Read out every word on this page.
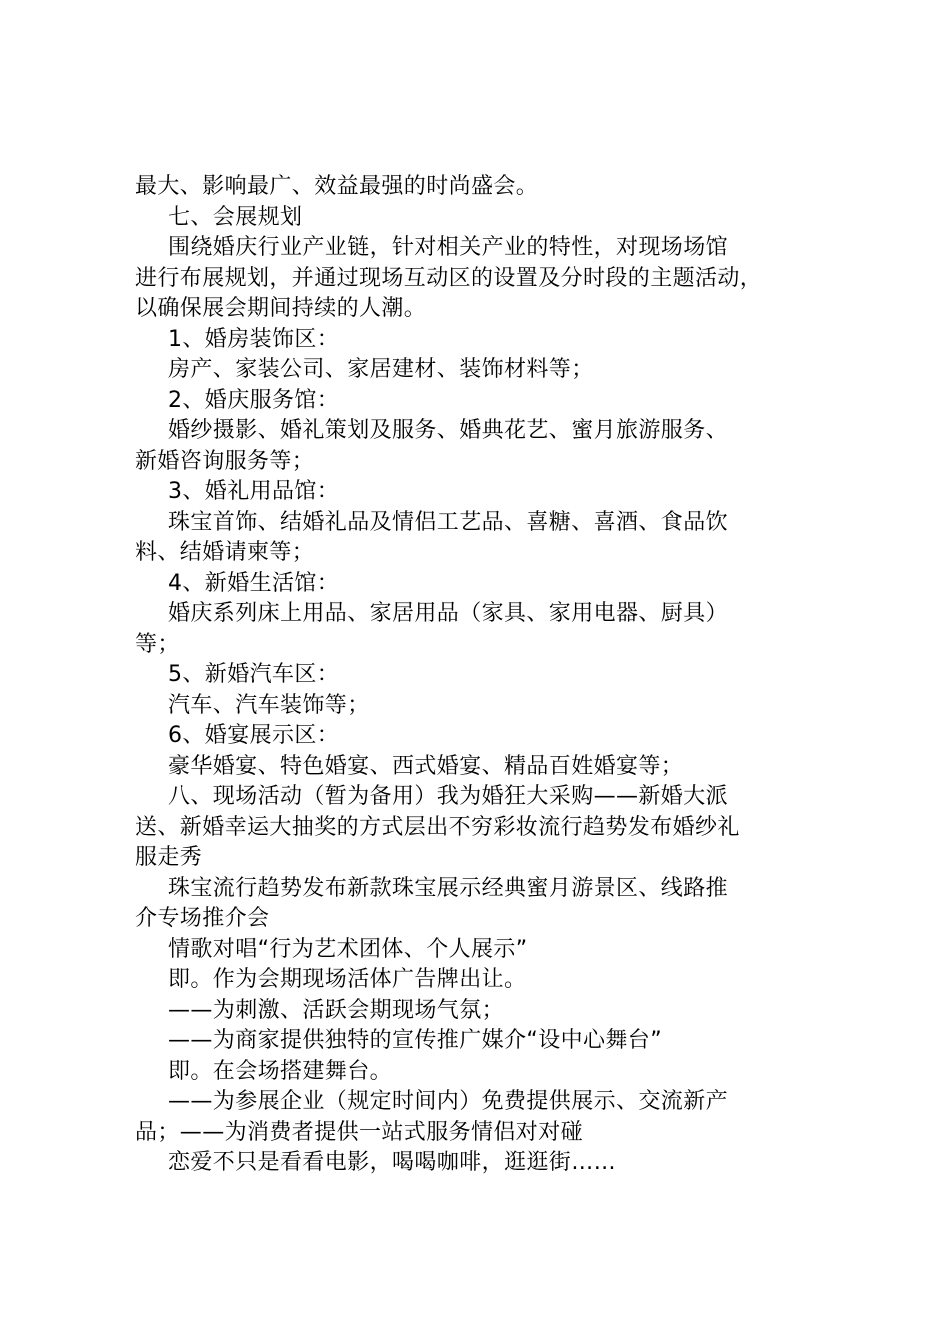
最大、影响最广、效益最强的时尚盛会。
七、会展规划
围绕婚庆行业产业链，针对相关产业的特性，对现场场馆
进行布展规划，并通过现场互动区的设置及分时段的主题活动，
以确保展会期间持续的人潮。
1、婚房装饰区：
房产、家装公司、家居建材、装饰材料等；
2、婚庆服务馆：
婚纱摄影、婚礼策划及服务、婚典花艺、蜜月旅游服务、
新婚咨询服务等；
3、婚礼用品馆：
珠宝首饰、结婚礼品及情侣工艺品、喜糖、喜酒、食品饮
料、结婚请柬等；
4、新婚生活馆：
婚庆系列床上用品、家居用品（家具、家用电器、厨具）
等；
5、新婚汽车区：
汽车、汽车装饰等；
6、婚宴展示区：
豪华婚宴、特色婚宴、西式婚宴、精品百姓婚宴等；
八、现场活动（暂为备用）我为婚狂大采购——新婚大派
送、新婚幸运大抽奖的方式层出不穷彩妆流行趋势发布婚纱礼
服走秀
珠宝流行趋势发布新款珠宝展示经典蜜月游景区、线路推
介专场推介会
情歌对唱“行为艺术团体、个人展示”
即。作为会期现场活体广告牌出让。
——为刺激、活跃会期现场气氛；
——为商家提供独特的宣传推广媒介“设中心舞台”
即。在会场搭建舞台。
——为参展企业（规定时间内）免费提供展示、交流新产
品；——为消费者提供一站式服务情侣对对碰
恋爱不只是看看电影，喝喝咖啡，逛逛街……
